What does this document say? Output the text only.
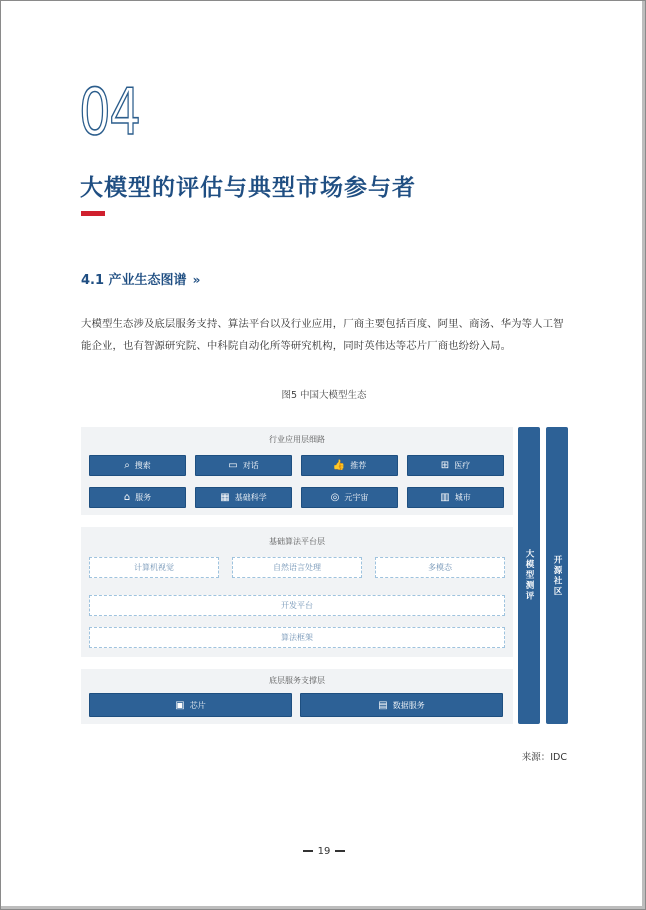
04
大模型的评估与典型市场参与者
4.1 产业生态图谱 »
大模型生态涉及底层服务支持、算法平台以及行业应用，厂商主要包括百度、阿里、商汤、华为等人工智能企业，也有智源研究院、中科院自动化所等研究机构，同时英伟达等芯片厂商也纷纷入局。
图5 中国大模型生态
行业应用层细路
⌕ 搜索	▭ 对话	👍 推荐	⊞ 医疗
⌂ 服务	▦ 基础科学	◎ 元宇宙	▥ 城市
基础算法平台层
计算机视觉	自然语言处理	多模态
开发平台
算法框架
底层服务支撑层
▣ 芯片	▤ 数据服务
大模型测评	开源社区
来源：IDC
19
